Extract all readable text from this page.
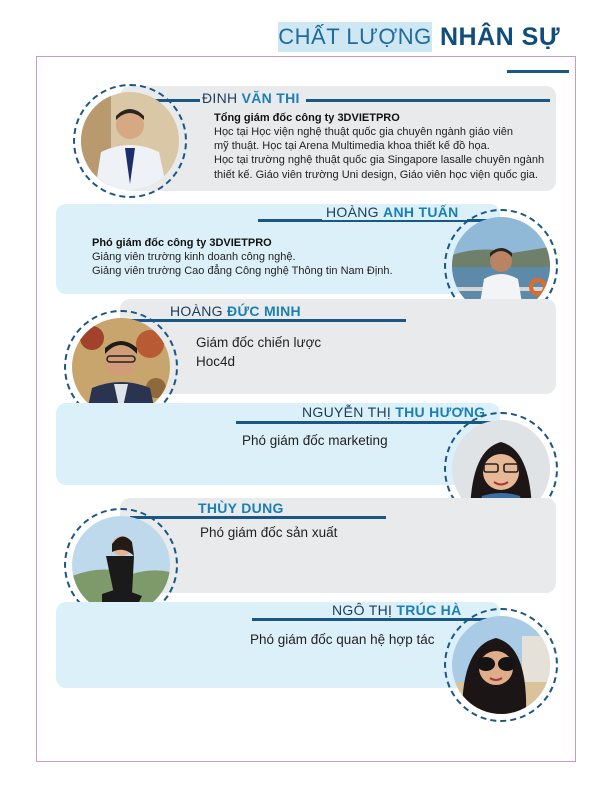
CHẤT LƯỢNG NHÂN SỰ
ĐINH VĂN THI
Tổng giám đốc công ty 3DVIETPRO
Học tại Học viện nghệ thuật quốc gia chuyên ngành giáo viên
mỹ thuật. Học tại Arena Multimedia khoa thiết kế đồ họa.
Học tại trường nghệ thuật quốc gia Singapore lasalle chuyên ngành
thiết kế. Giáo viên trường Uni design, Giáo viên học viện quốc gia.
HOÀNG ANH TUẤN
Phó giám đốc công ty 3DVIETPRO
Giảng viên trường kinh doanh công nghệ.
Giảng viên trường Cao đẳng Công nghệ Thông tin Nam Định.
HOÀNG ĐỨC MINH
Giám đốc chiến lược
Hoc4d
NGUYỄN THỊ THU HƯƠNG
Phó giám đốc marketing
THÙY DUNG
Phó giám đốc sản xuất
NGÔ THỊ TRÚC HÀ
Phó giám đốc quan hệ hợp tác
